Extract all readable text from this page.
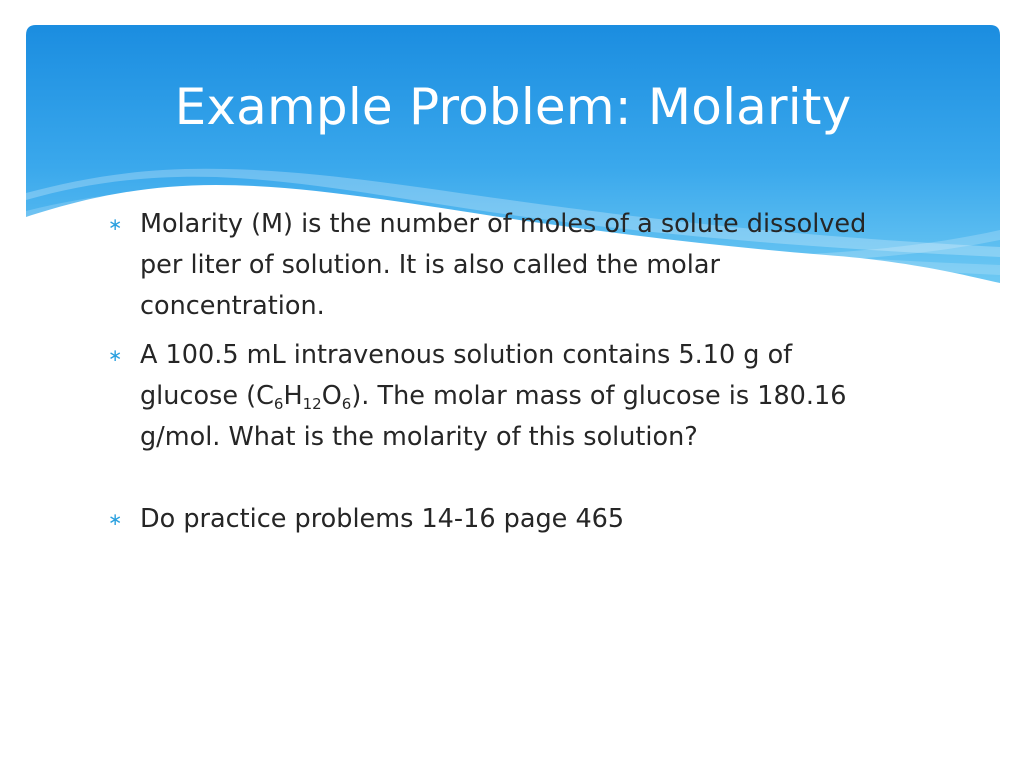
Example Problem: Molarity
∗ Molarity (M) is the number of moles of a solute dissolved per liter of solution. It is also called the molar concentration.
∗ A 100.5 mL intravenous solution contains 5.10 g of glucose $(C_6H_{12}O_6)$. The molar mass of glucose is 180.16 g/mol. What is the molarity of this solution?
∗ Do practice problems 14-16 page 465
